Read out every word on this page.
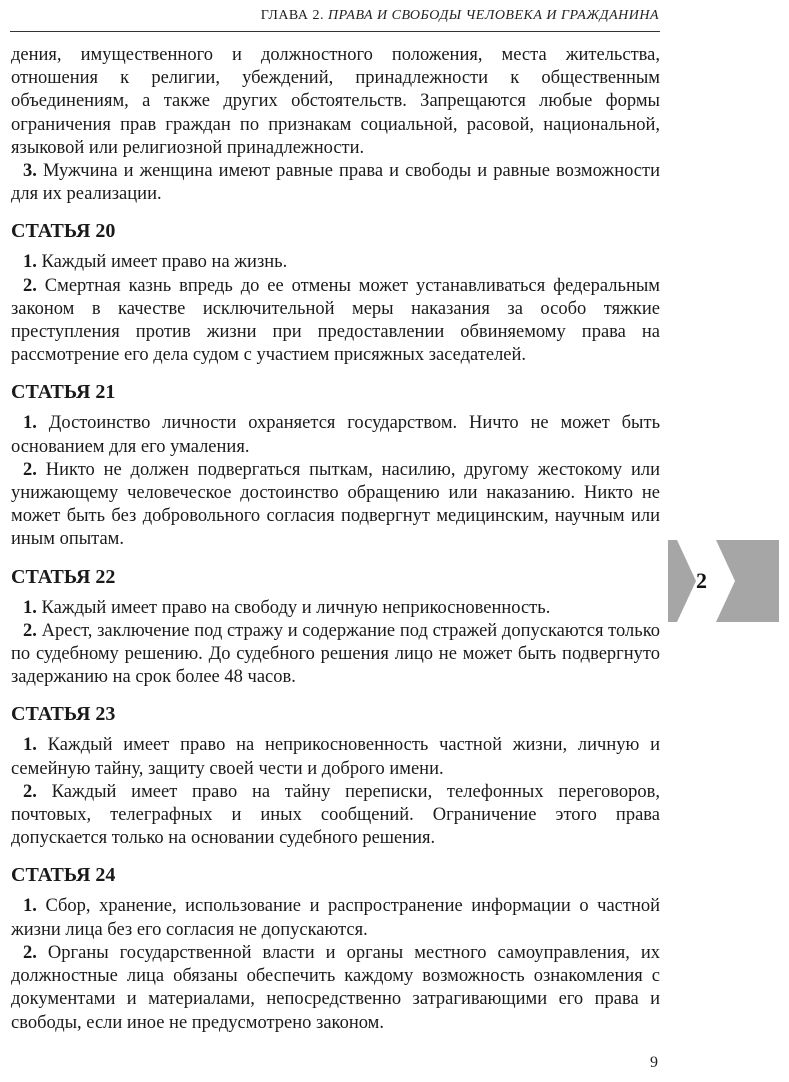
ГЛАВА 2. ПРАВА И СВОБОДЫ ЧЕЛОВЕКА И ГРАЖДАНИНА

дения, имущественного и должностного положения, места жительства, отношения к религии, убеждений, принадлежности к общественным объединениям, а также других обстоятельств. Запрещаются любые формы ограничения прав граждан по признакам социальной, расовой, национальной, языковой или религиозной принадлежности.

3. Мужчина и женщина имеют равные права и свободы и равные возможности для их реализации.

СТАТЬЯ 20

1. Каждый имеет право на жизнь.

2. Смертная казнь впредь до ее отмены может устанавливаться федеральным законом в качестве исключительной меры наказания за особо тяжкие преступления против жизни при предоставлении обвиняемому права на рассмотрение его дела судом с участием присяжных заседателей.

СТАТЬЯ 21

1. Достоинство личности охраняется государством. Ничто не может быть основанием для его умаления.

2. Никто не должен подвергаться пыткам, насилию, другому жестокому или унижающему человеческое достоинство обращению или наказанию. Никто не может быть без добровольного согласия подвергнут медицинским, научным или иным опытам.

СТАТЬЯ 22

1. Каждый имеет право на свободу и личную неприкосновенность.

2. Арест, заключение под стражу и содержание под стражей допускаются только по судебному решению. До судебного решения лицо не может быть подвергнуто задержанию на срок более 48 часов.

СТАТЬЯ 23

1. Каждый имеет право на неприкосновенность частной жизни, личную и семейную тайну, защиту своей чести и доброго имени.

2. Каждый имеет право на тайну переписки, телефонных переговоров, почтовых, телеграфных и иных сообщений. Ограничение этого права допускается только на основании судебного решения.

СТАТЬЯ 24

1. Сбор, хранение, использование и распространение информации о частной жизни лица без его согласия не допускаются.

2. Органы государственной власти и органы местного самоуправления, их должностные лица обязаны обеспечить каждому возможность ознакомления с документами и материалами, непосредственно затрагивающими его права и свободы, если иное не предусмотрено законом.

2
9
